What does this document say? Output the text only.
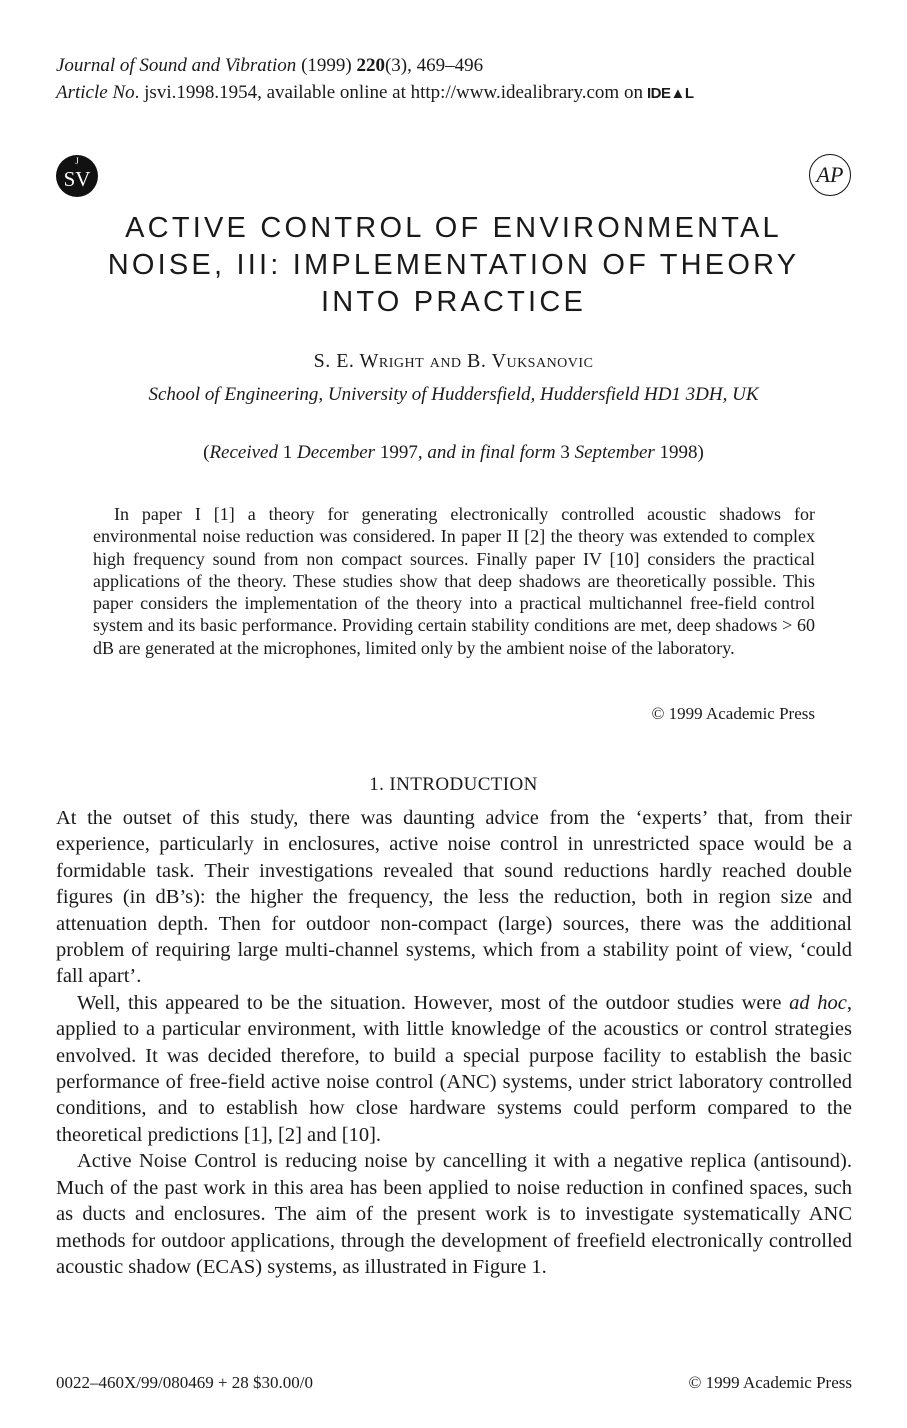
Journal of Sound and Vibration (1999) 220(3), 469–496
Article No. jsvi.1998.1954, available online at http://www.idealibrary.com on IDE▲L
J
SV	AP
ACTIVE CONTROL OF ENVIRONMENTAL
NOISE, III: IMPLEMENTATION OF THEORY
INTO PRACTICE
S. E. Wright and B. Vuksanovic
School of Engineering, University of Huddersfield, Huddersfield HD1 3DH, UK
(Received 1 December 1997, and in final form 3 September 1998)

In paper I [1] a theory for generating electronically controlled acoustic shadows for environmental noise reduction was considered. In paper II [2] the theory was extended to complex high frequency sound from non compact sources. Finally paper IV [10] considers the practical applications of the theory. These studies show that deep shadows are theoretically possible. This paper considers the implementation of the theory into a practical multichannel free-field control system and its basic performance. Providing certain stability conditions are met, deep shadows > 60 dB are generated at the microphones, limited only by the ambient noise of the laboratory.

© 1999 Academic Press
1. INTRODUCTION

At the outset of this study, there was daunting advice from the ‘experts’ that, from their experience, particularly in enclosures, active noise control in unrestricted space would be a formidable task. Their investigations revealed that sound reductions hardly reached double figures (in dB’s): the higher the frequency, the less the reduction, both in region size and attenuation depth. Then for outdoor non-compact (large) sources, there was the additional problem of requiring large multi-channel systems, which from a stability point of view, ‘could fall apart’.

Well, this appeared to be the situation. However, most of the outdoor studies were ad hoc, applied to a particular environment, with little knowledge of the acoustics or control strategies envolved. It was decided therefore, to build a special purpose facility to establish the basic performance of free-field active noise control (ANC) systems, under strict laboratory controlled conditions, and to establish how close hardware systems could perform compared to the theoretical predictions [1], [2] and [10].

Active Noise Control is reducing noise by cancelling it with a negative replica (antisound). Much of the past work in this area has been applied to noise reduction in confined spaces, such as ducts and enclosures. The aim of the present work is to investigate systematically ANC methods for outdoor applications, through the development of freefield electronically controlled acoustic shadow (ECAS) systems, as illustrated in Figure 1.

0022–460X/99/080469 + 28 $30.00/0	© 1999 Academic Press
